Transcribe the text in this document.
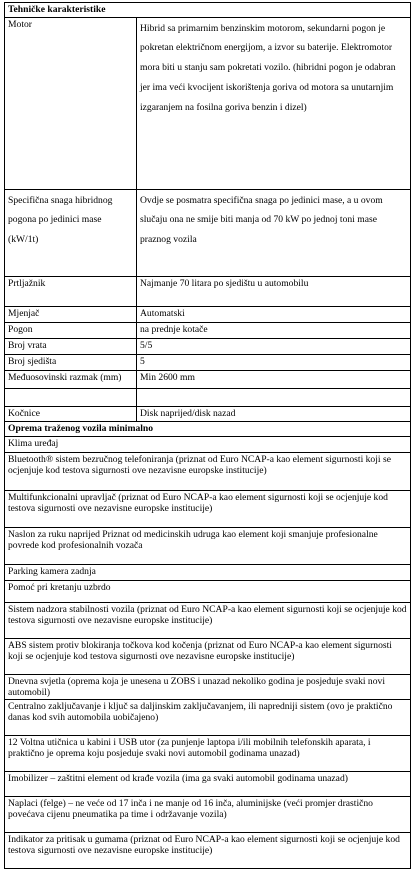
Tehničke karakteristike	
Motor	Hibrid sa primarnim benzinskim motorom, sekundarni pogon je pokretan električnom energijom, a izvor su baterije. Elektromotor mora biti u stanju sam pokretati vozilo. (hibridni pogon je odabran jer ima veći kvocijent iskorištenja goriva od motora sa unutarnjim izgaranjem na fosilna goriva benzin i dizel)
Specifična snaga hibridnog pogona po jedinici mase (kW/1t)	Ovdje se posmatra specifična snaga po jedinici mase, a u ovom slučaju ona ne smije biti manja od 70 kW po jednoj toni mase praznog vozila
Prtljažnik	Najmanje 70 litara po sjedištu u automobilu
Mjenjač	Automatski
Pogon	na prednje kotače
Broj vrata	5/5
Broj sjedišta	5
Međuosovinski razmak (mm)	Min 2600 mm

Kočnice	Disk naprijed/disk nazad
Oprema traženog vozila minimalno	
Klima uređaj	
Bluetooth® sistem bezručnog telefoniranja (priznat od Euro NCAP-a kao element sigurnosti koji se ocjenjuje kod testova sigurnosti ove nezavisne europske institucije)	
Multifunkcionalni upravljač (priznat od Euro NCAP-a kao element sigurnosti koji se ocjenjuje kod testova sigurnosti ove nezavisne europske institucije)	
Naslon za ruku naprijed Priznat od medicinskih udruga kao element koji smanjuje profesionalne povrede kod profesionalnih vozača	
Parking kamera zadnja	
Pomoć pri kretanju uzbrdo	
Sistem nadzora stabilnosti vozila (priznat od Euro NCAP-a kao element sigurnosti koji se ocjenjuje kod testova sigurnosti ove nezavisne europske institucije)	
ABS sistem protiv blokiranja točkova kod kočenja (priznat od Euro NCAP-a kao element sigurnosti koji se ocjenjuje kod testova sigurnosti ove nezavisne europske institucije)	
Dnevna svjetla (oprema koja je unesena u ZOBS i unazad nekoliko godina je posjeduje svaki novi automobil)	
Centralno zaključavanje i ključ sa daljinskim zaključavanjem, ili napredniji sistem (ovo je praktično danas kod svih automobila uobičajeno)	
12 Voltna utičnica u kabini i USB utor (za punjenje laptopa i/ili mobilnih telefonskih aparata, i praktično je oprema koju posjeduje svaki novi automobil godinama unazad)	
Imobilizer – zaštitni element od krađe vozila (ima ga svaki automobil godinama unazad)	
Naplaci (felge) – ne veće od 17 inča i ne manje od 16 inča, aluminijske (veći promjer drastično povećava cijenu pneumatika pa time i održavanje vozila)	
Indikator za pritisak u gumama (priznat od Euro NCAP-a kao element sigurnosti koji se ocjenjuje kod testova sigurnosti ove nezavisne europske institucije)	
